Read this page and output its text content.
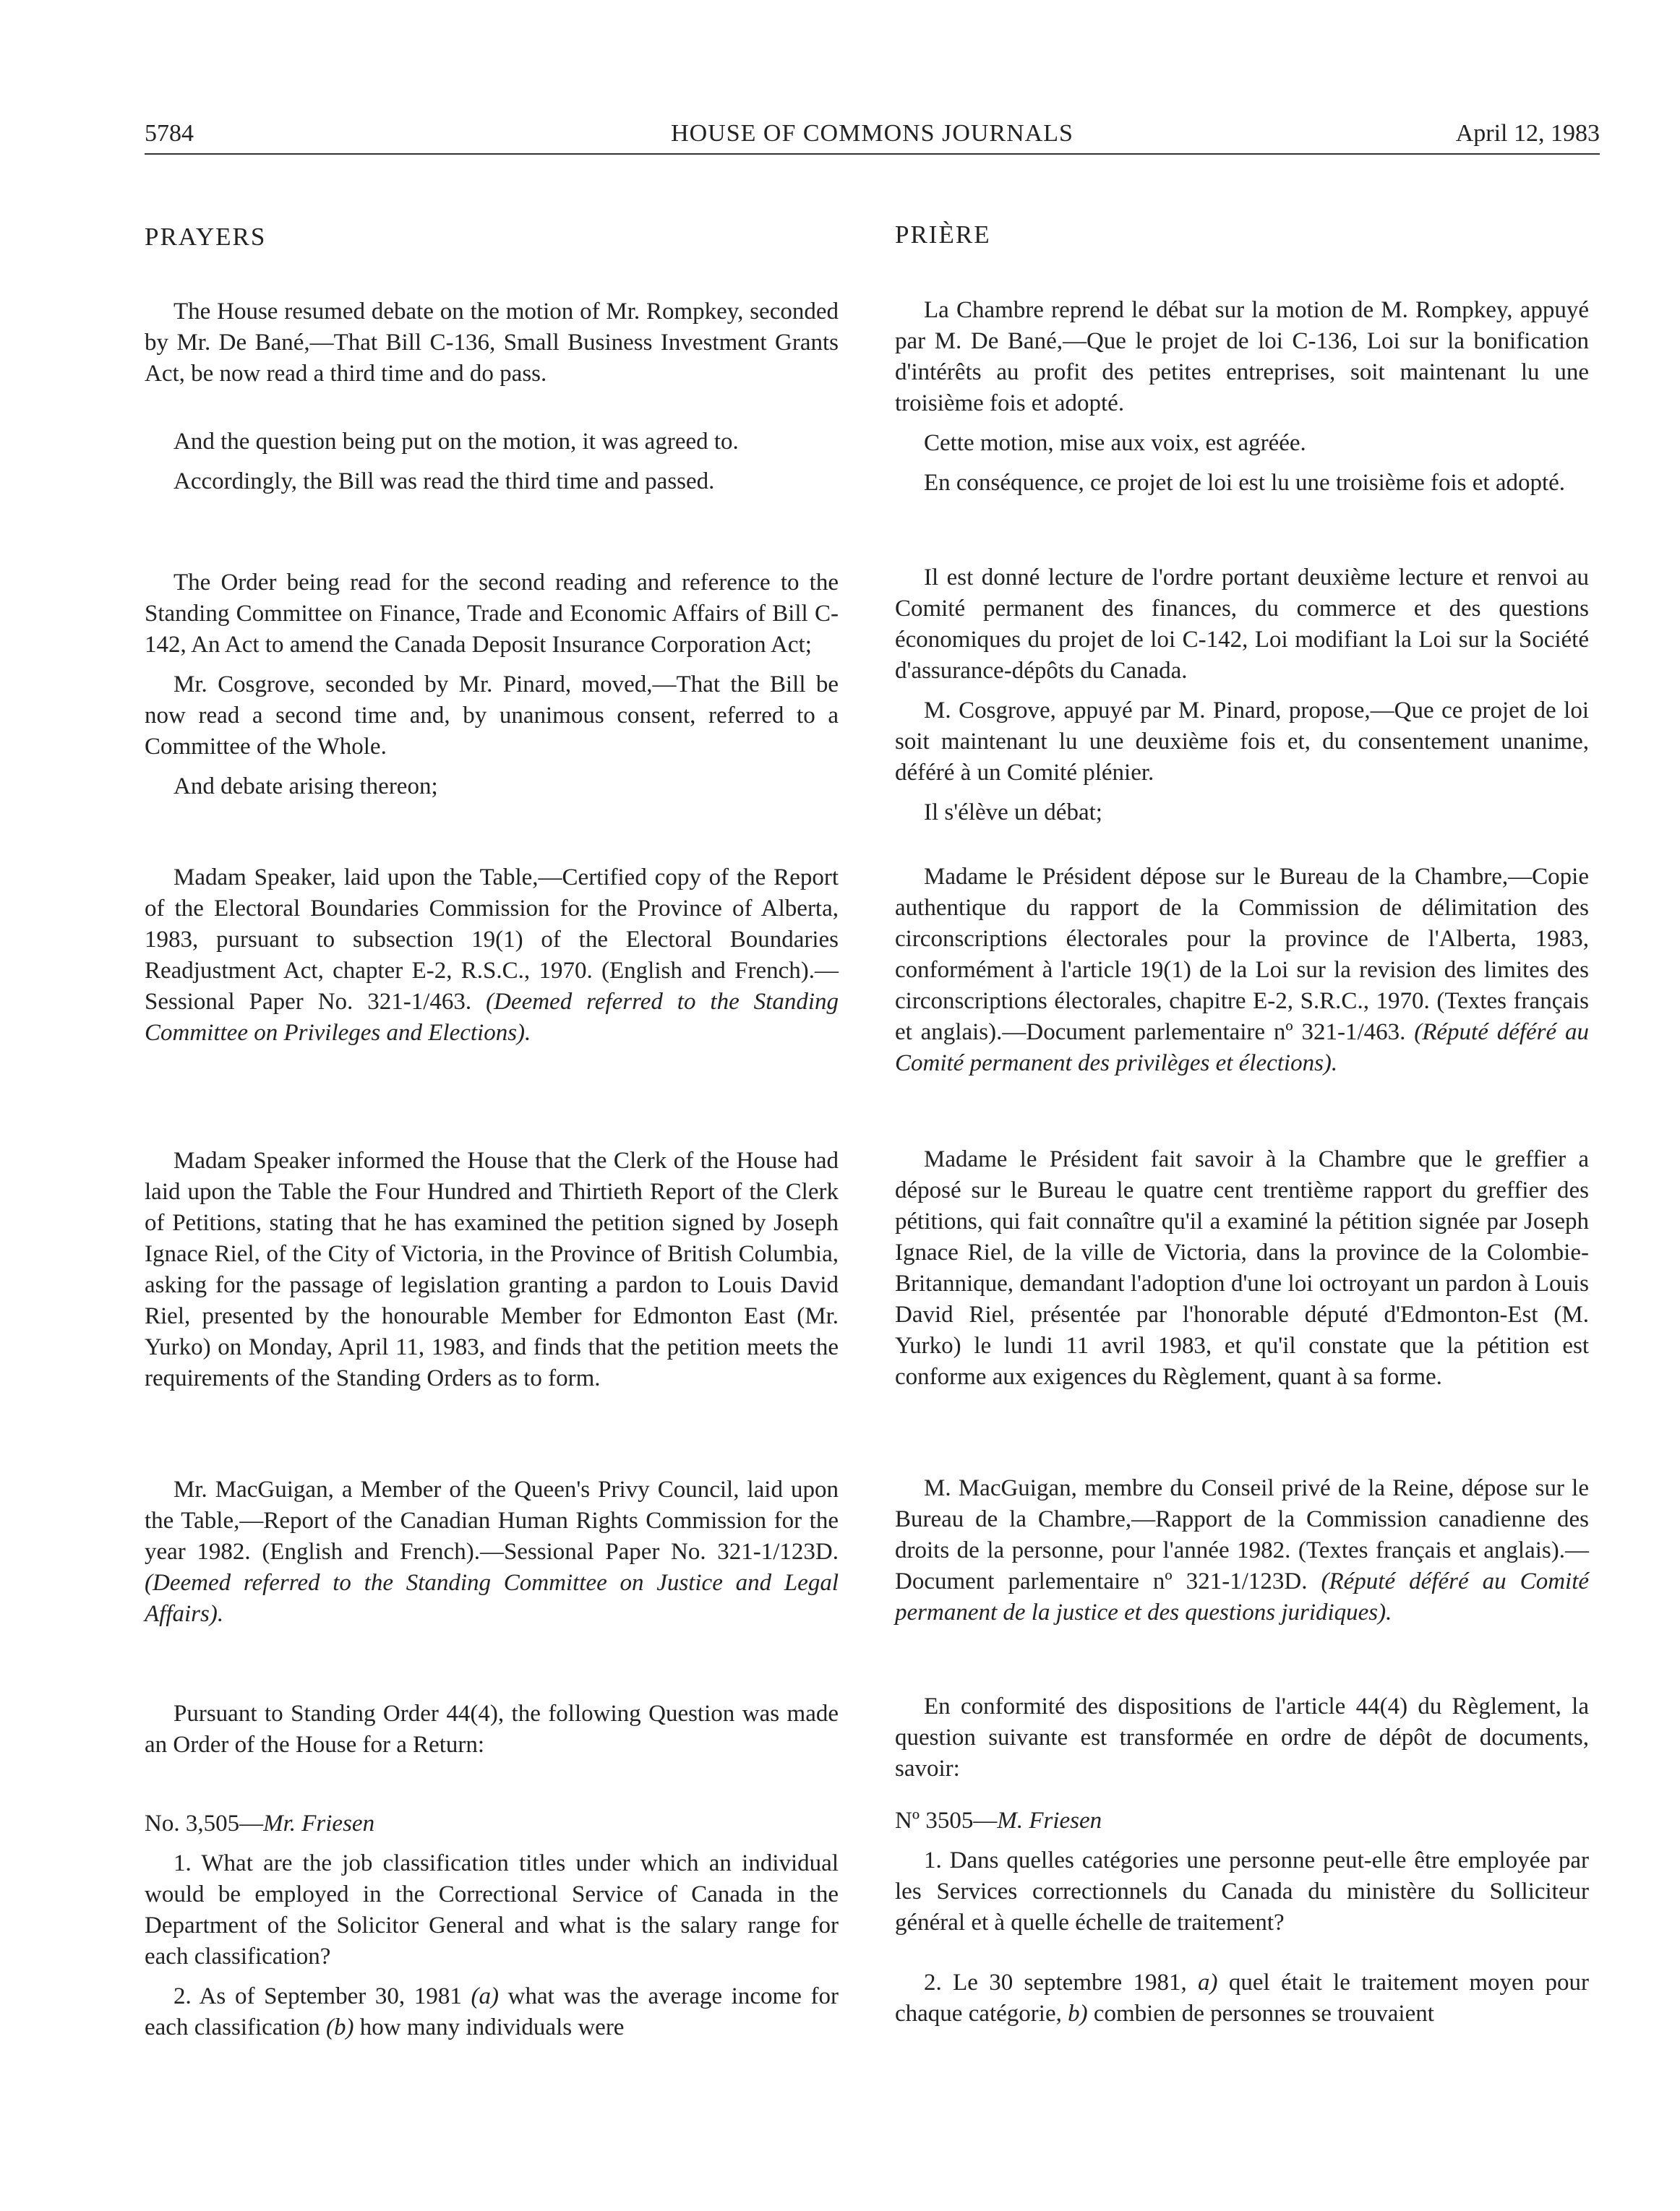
5784	HOUSE OF COMMONS JOURNALS	April 12, 1983
PRAYERS

The House resumed debate on the motion of Mr. Rompkey, seconded by Mr. De Bané,—That Bill C-136, Small Business Investment Grants Act, be now read a third time and do pass.

And the question being put on the motion, it was agreed to.

Accordingly, the Bill was read the third time and passed.

The Order being read for the second reading and reference to the Standing Committee on Finance, Trade and Economic Affairs of Bill C-142, An Act to amend the Canada Deposit Insurance Corporation Act;

Mr. Cosgrove, seconded by Mr. Pinard, moved,—That the Bill be now read a second time and, by unanimous consent, referred to a Committee of the Whole.

And debate arising thereon;

Madam Speaker, laid upon the Table,—Certified copy of the Report of the Electoral Boundaries Commission for the Province of Alberta, 1983, pursuant to subsection 19(1) of the Electoral Boundaries Readjustment Act, chapter E-2, R.S.C., 1970. (English and French).—Sessional Paper No. 321-1/463. (Deemed referred to the Standing Committee on Privileges and Elections).

Madam Speaker informed the House that the Clerk of the House had laid upon the Table the Four Hundred and Thirtieth Report of the Clerk of Petitions, stating that he has examined the petition signed by Joseph Ignace Riel, of the City of Victoria, in the Province of British Columbia, asking for the passage of legislation granting a pardon to Louis David Riel, presented by the honourable Member for Edmonton East (Mr. Yurko) on Monday, April 11, 1983, and finds that the petition meets the requirements of the Standing Orders as to form.

Mr. MacGuigan, a Member of the Queen's Privy Council, laid upon the Table,—Report of the Canadian Human Rights Commission for the year 1982. (English and French).—Sessional Paper No. 321-1/123D. (Deemed referred to the Standing Committee on Justice and Legal Affairs).

Pursuant to Standing Order 44(4), the following Question was made an Order of the House for a Return:

No. 3,505—Mr. Friesen

1. What are the job classification titles under which an individual would be employed in the Correctional Service of Canada in the Department of the Solicitor General and what is the salary range for each classification?

2. As of September 30, 1981 (a) what was the average income for each classification (b) how many individuals were

PRIÈRE

La Chambre reprend le débat sur la motion de M. Rompkey, appuyé par M. De Bané,—Que le projet de loi C-136, Loi sur la bonification d'intérêts au profit des petites entreprises, soit maintenant lu une troisième fois et adopté.

Cette motion, mise aux voix, est agréée.

En conséquence, ce projet de loi est lu une troisième fois et adopté.

Il est donné lecture de l'ordre portant deuxième lecture et renvoi au Comité permanent des finances, du commerce et des questions économiques du projet de loi C-142, Loi modifiant la Loi sur la Société d'assurance-dépôts du Canada.

M. Cosgrove, appuyé par M. Pinard, propose,—Que ce projet de loi soit maintenant lu une deuxième fois et, du consentement unanime, déféré à un Comité plénier.

Il s'élève un débat;

Madame le Président dépose sur le Bureau de la Chambre,—Copie authentique du rapport de la Commission de délimitation des circonscriptions électorales pour la province de l'Alberta, 1983, conformément à l'article 19(1) de la Loi sur la revision des limites des circonscriptions électorales, chapitre E-2, S.R.C., 1970. (Textes français et anglais).—Document parlementaire nº 321-1/463. (Réputé déféré au Comité permanent des privilèges et élections).

Madame le Président fait savoir à la Chambre que le greffier a déposé sur le Bureau le quatre cent trentième rapport du greffier des pétitions, qui fait connaître qu'il a examiné la pétition signée par Joseph Ignace Riel, de la ville de Victoria, dans la province de la Colombie-Britannique, demandant l'adoption d'une loi octroyant un pardon à Louis David Riel, présentée par l'honorable député d'Edmonton-Est (M. Yurko) le lundi 11 avril 1983, et qu'il constate que la pétition est conforme aux exigences du Règlement, quant à sa forme.

M. MacGuigan, membre du Conseil privé de la Reine, dépose sur le Bureau de la Chambre,—Rapport de la Commission canadienne des droits de la personne, pour l'année 1982. (Textes français et anglais).—Document parlementaire nº 321-1/123D. (Réputé déféré au Comité permanent de la justice et des questions juridiques).

En conformité des dispositions de l'article 44(4) du Règlement, la question suivante est transformée en ordre de dépôt de documents, savoir:

Nº 3505—M. Friesen

1. Dans quelles catégories une personne peut-elle être employée par les Services correctionnels du Canada du ministère du Solliciteur général et à quelle échelle de traitement?

2. Le 30 septembre 1981, a) quel était le traitement moyen pour chaque catégorie, b) combien de personnes se trouvaient
